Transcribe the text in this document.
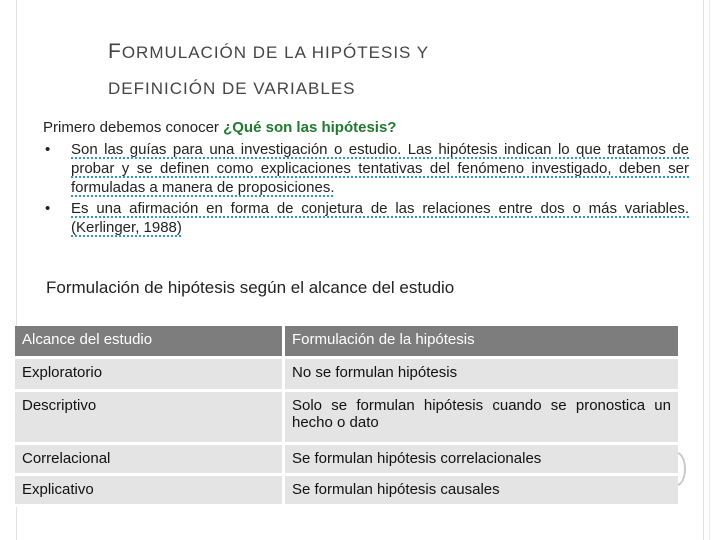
FORMULACIÓN DE LA HIPÓTESIS Y
DEFINICIÓN DE VARIABLES
Primero debemos conocer ¿Qué son las hipótesis?
•	Son las guías para una investigación o estudio. Las hipótesis indican lo que tratamos de probar y se definen como explicaciones tentativas del fenómeno investigado, deben ser formuladas a manera de proposiciones.
•	Es una afirmación en forma de conjetura de las relaciones entre dos o más variables. (Kerlinger, 1988)
Formulación de hipótesis según el alcance del estudio
Alcance del estudio	Formulación de la hipótesis
Exploratorio	No se formulan hipótesis
Descriptivo	Solo se formulan hipótesis cuando se pronostica un hecho o dato
Correlacional	Se formulan hipótesis correlacionales
Explicativo	Se formulan hipótesis causales
